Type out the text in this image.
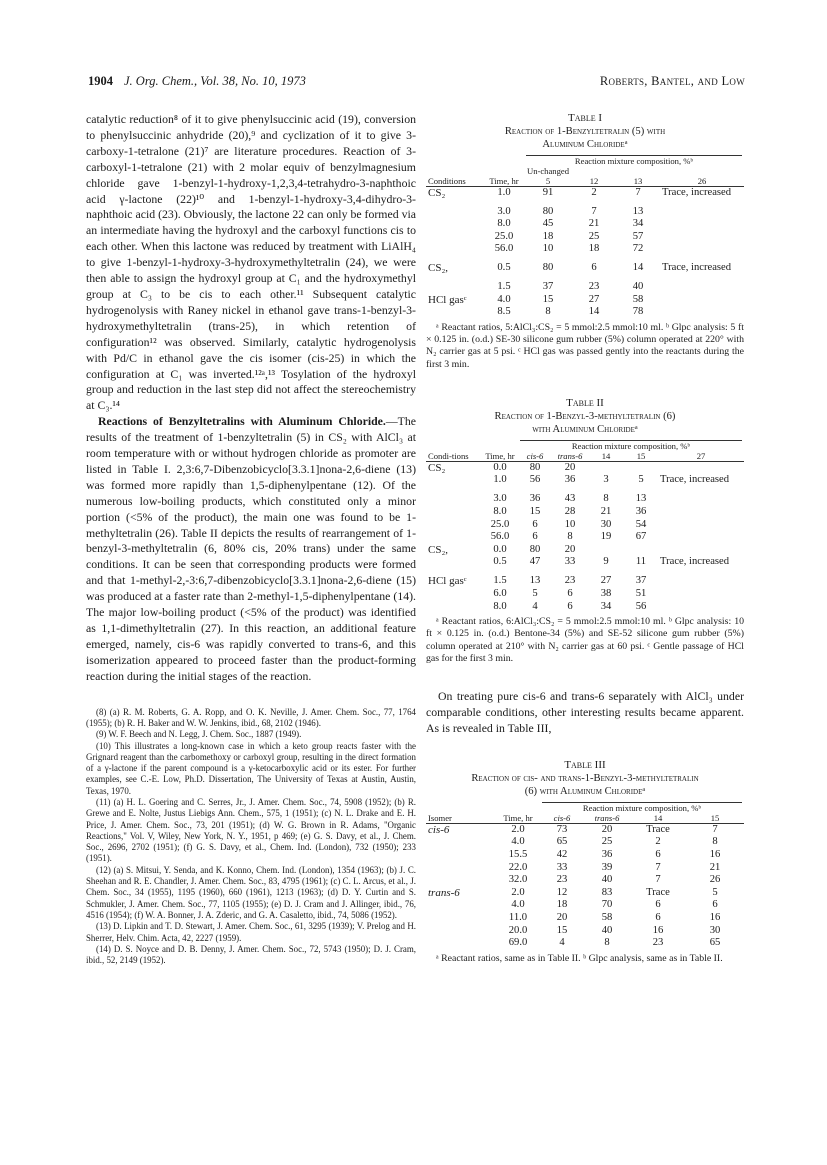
1904 J. Org. Chem., Vol. 38, No. 10, 1973	Roberts, Bantel, and Low

catalytic reduction⁸ of it to give phenylsuccinic acid (19), conversion to phenylsuccinic anhydride (20),⁹ and cyclization of it to give 3-carboxy-1-tetralone (21)⁷ are literature procedures. Reaction of 3-carboxyl-1-tetralone (21) with 2 molar equiv of benzylmagnesium chloride gave 1-benzyl-1-hydroxy-1,2,3,4-tetrahydro-3-naphthoic acid γ-lactone (22)¹⁰ and 1-benzyl-1-hydroxy-3,4-dihydro-3-naphthoic acid (23). Obviously, the lactone 22 can only be formed via an intermediate having the hydroxyl and the carboxyl functions cis to each other. When this lactone was reduced by treatment with LiAlH₄ to give 1-benzyl-1-hydroxy-3-hydroxymethyltetralin (24), we were then able to assign the hydroxyl group at C₁ and the hydroxymethyl group at C₃ to be cis to each other.¹¹ Subsequent catalytic hydrogenolysis with Raney nickel in ethanol gave trans-1-benzyl-3-hydroxymethyltetralin (trans-25), in which retention of configuration¹² was observed. Similarly, catalytic hydrogenolysis with Pd/C in ethanol gave the cis isomer (cis-25) in which the configuration at C₁ was inverted.¹²ᵃ,¹³ Tosylation of the hydroxyl group and reduction in the last step did not affect the stereochemistry at C₃.¹⁴

Reactions of Benzyltetralins with Aluminum Chloride.—The results of the treatment of 1-benzyltetralin (5) in CS₂ with AlCl₃ at room temperature with or without hydrogen chloride as promoter are listed in Table I. 2,3:6,7-Dibenzobicyclo[3.3.1]nona-2,6-diene (13) was formed more rapidly than 1,5-diphenylpentane (12). Of the numerous low-boiling products, which constituted only a minor portion (<5% of the product), the main one was found to be 1-methyltetralin (26). Table II depicts the results of rearrangement of 1-benzyl-3-methyltetralin (6, 80% cis, 20% trans) under the same conditions. It can be seen that corresponding products were formed and that 1-methyl-2,-3:6,7-dibenzobicyclo[3.3.1]nona-2,6-diene (15) was produced at a faster rate than 2-methyl-1,5-diphenylpentane (14). The major low-boiling product (<5% of the product) was identified as 1,1-dimethyltetralin (27). In this reaction, an additional feature emerged, namely, cis-6 was rapidly converted to trans-6, and this isomerization appeared to proceed faster than the product-forming reaction during the initial stages of the reaction.

(8) (a) R. M. Roberts, G. A. Ropp, and O. K. Neville, J. Amer. Chem. Soc., 77, 1764 (1955); (b) R. H. Baker and W. W. Jenkins, ibid., 68, 2102 (1946).

(9) W. F. Beech and N. Legg, J. Chem. Soc., 1887 (1949).

(10) This illustrates a long-known case in which a keto group reacts faster with the Grignard reagent than the carbomethoxy or carboxyl group, resulting in the direct formation of a γ-lactone if the parent compound is a γ-ketocarboxylic acid or its ester. For further examples, see C.-E. Low, Ph.D. Dissertation, The University of Texas at Austin, Austin, Texas, 1970.

(11) (a) H. L. Goering and C. Serres, Jr., J. Amer. Chem. Soc., 74, 5908 (1952); (b) R. Grewe and E. Nolte, Justus Liebigs Ann. Chem., 575, 1 (1951); (c) N. L. Drake and E. H. Price, J. Amer. Chem. Soc., 73, 201 (1951); (d) W. G. Brown in R. Adams, "Organic Reactions," Vol. V, Wiley, New York, N. Y., 1951, p 469; (e) G. S. Davy, et al., J. Chem. Soc., 2696, 2702 (1951); (f) G. S. Davy, et al., Chem. Ind. (London), 732 (1950); 233 (1951).

(12) (a) S. Mitsui, Y. Senda, and K. Konno, Chem. Ind. (London), 1354 (1963); (b) J. C. Sheehan and R. E. Chandler, J. Amer. Chem. Soc., 83, 4795 (1961); (c) C. L. Arcus, et al., J. Chem. Soc., 34 (1955), 1195 (1960), 660 (1961), 1213 (1963); (d) D. Y. Curtin and S. Schmukler, J. Amer. Chem. Soc., 77, 1105 (1955); (e) D. J. Cram and J. Allinger, ibid., 76, 4516 (1954); (f) W. A. Bonner, J. A. Zderic, and G. A. Casaletto, ibid., 74, 5086 (1952).

(13) D. Lipkin and T. D. Stewart, J. Amer. Chem. Soc., 61, 3295 (1939); V. Prelog and H. Sherrer, Helv. Chim. Acta, 42, 2227 (1959).

(14) D. S. Noyce and D. B. Denny, J. Amer. Chem. Soc., 72, 5743 (1950); D. J. Cram, ibid., 52, 2149 (1952).

Table I
Reaction of 1-Benzyltetralin (5) with
Aluminum Chlorideᵃ

		Reaction mixture composition, %ᵇ			

Conditions	Time, hr	Un-changed 5	12	13	26
CS₂	1.0	91	2	7	Trace, increased
	3.0	80	7	13	
	8.0	45	21	34	
	25.0	18	25	57	
	56.0	10	18	72	
CS₂,	0.5	80	6	14	Trace, increased
	1.5	37	23	40	
HCl gasᶜ	4.0	15	27	58	
	8.5	8	14	78	

ᵃ Reactant ratios, 5:AlCl₃:CS₂ = 5 mmol:2.5 mmol:10 ml. ᵇ Glpc analysis: 5 ft × 0.125 in. (o.d.) SE-30 silicone gum rubber (5%) column operated at 220° with N₂ carrier gas at 5 psi. ᶜ HCl gas was passed gently into the reactants during the first 3 min.

Table II
Reaction of 1-Benzyl-3-methyltetralin (6)
with Aluminum Chlorideᵃ

		Reaction mixture composition, %ᵇ				

Condi-tions	Time, hr	cis-6	trans-6	14	15	27
CS₂	0.0	80	20			
	1.0	56	36	3	5	Trace, increased
	3.0	36	43	8	13	
	8.0	15	28	21	36	
	25.0	6	10	30	54	
	56.0	6	8	19	67	
CS₂,	0.0	80	20			
	0.5	47	33	9	11	Trace, increased
HCl gasᶜ	1.5	13	23	27	37	
	6.0	5	6	38	51	
	8.0	4	6	34	56	

ᵃ Reactant ratios, 6:AlCl₃:CS₂ = 5 mmol:2.5 mmol:10 ml. ᵇ Glpc analysis: 10 ft × 0.125 in. (o.d.) Bentone-34 (5%) and SE-52 silicone gum rubber (5%) column operated at 210° with N₂ carrier gas at 60 psi. ᶜ Gentle passage of HCl gas for the first 3 min.

On treating pure cis-6 and trans-6 separately with AlCl₃ under comparable conditions, other interesting results became apparent. As is revealed in Table III,

Table III
Reaction of cis- and trans-1-Benzyl-3-methyltetralin
(6) with Aluminum Chlorideᵃ

		Reaction mixture composition, %ᵇ			

Isomer	Time, hr	cis-6	trans-6	14	15
cis-6	2.0	73	20	Trace	7
	4.0	65	25	2	8
	15.5	42	36	6	16
	22.0	33	39	7	21
	32.0	23	40	7	26
trans-6	2.0	12	83	Trace	5
	4.0	18	70	6	6
	11.0	20	58	6	16
	20.0	15	40	16	30
	69.0	4	8	23	65

ᵃ Reactant ratios, same as in Table II. ᵇ Glpc analysis, same as in Table II.
